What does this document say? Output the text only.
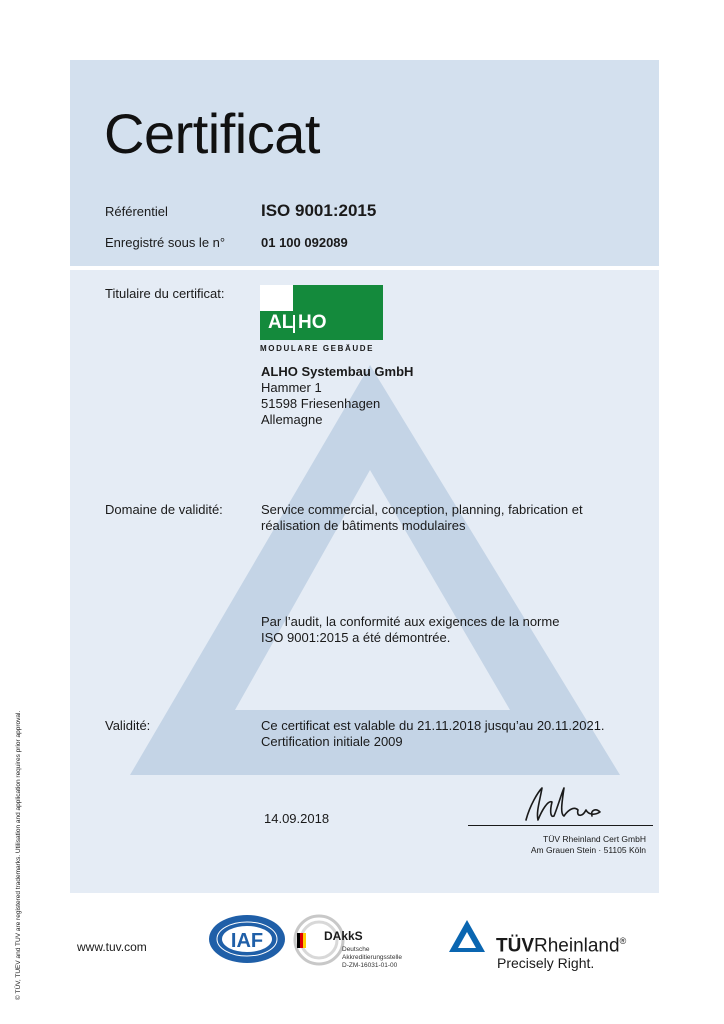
Certificat
Référentiel	ISO 9001:2015
Enregistré sous le n°	01 100 092089
Titulaire du certificat:
AL HO
MODULARE GEBÄUDE
ALHO Systembau GmbH
Hammer 1
51598 Friesenhagen
Allemagne
Domaine de validité:	Service commercial, conception, planning, fabrication et
réalisation de bâtiments modulaires
Par l’audit, la conformité aux exigences de la norme
ISO 9001:2015 a été démontrée.
Validité:	Ce certificat est valable du 21.11.2018 jusqu’au 20.11.2021.
Certification initiale 2009
14.09.2018
TÜV Rheinland Cert GmbH
Am Grauen Stein · 51105 Köln
© TÜV, TUEV and TUV are registered trademarks. Utilisation and application requires prior approval.	www.tuv.com	IAF	DAkkS
Deutsche
Akkreditierungsstelle
D-ZM-16031-01-00
TÜVRheinland®
Precisely Right.
